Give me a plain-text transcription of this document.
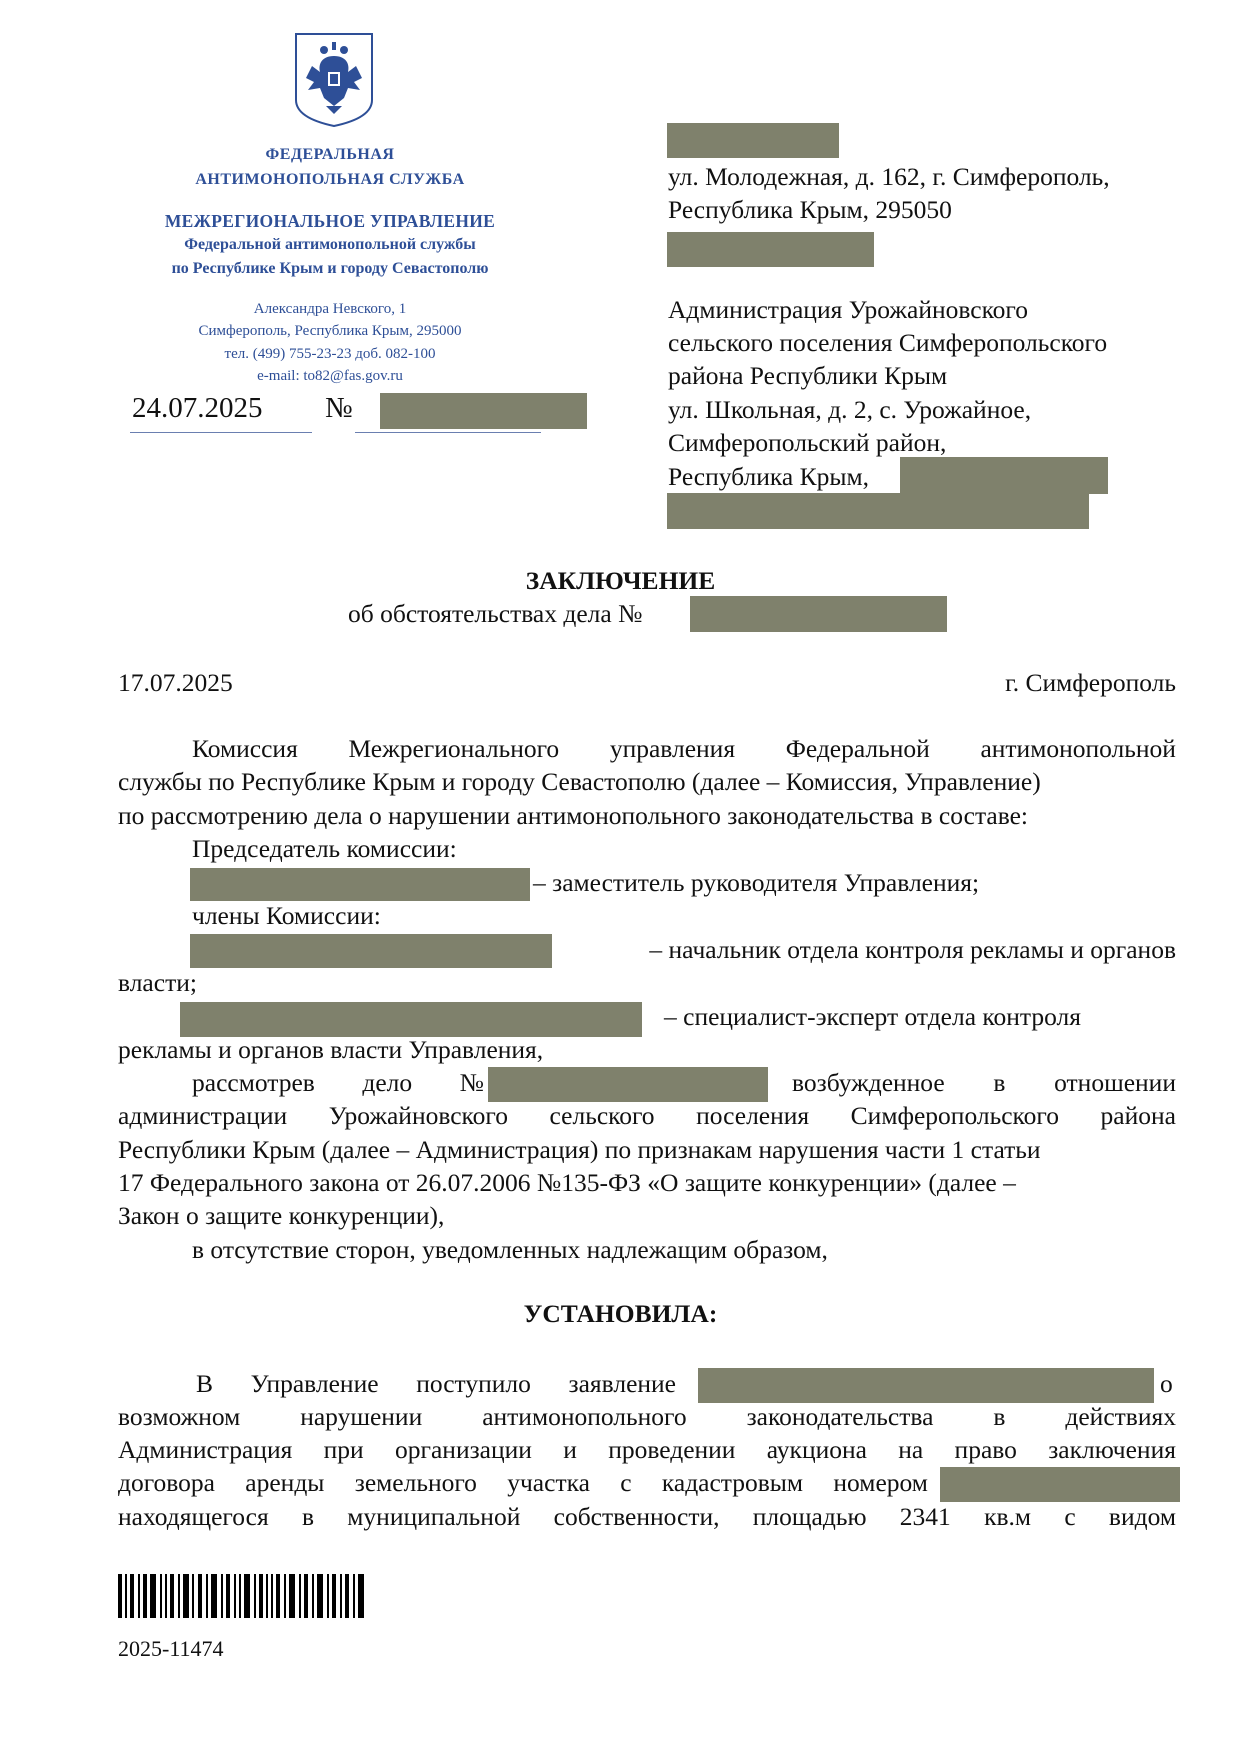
ФЕДЕРАЛЬНАЯ
АНТИМОНОПОЛЬНАЯ СЛУЖБА
МЕЖРЕГИОНАЛЬНОЕ УПРАВЛЕНИЕ
Федеральной антимонопольной службы
по Республике Крым и городу Севастополю
Александра Невского, 1
Симферополь, Республика Крым, 295000
тел. (499) 755-23-23 доб. 082-100
e-mail: to82@fas.gov.ru
24.07.2025 №
ул. Молодежная, д. 162, г. Симферополь,
Республика Крым, 295050
Администрация Урожайновского
сельского поселения Симферопольского
района Республики Крым
ул. Школьная, д. 2, с. Урожайное,
Симферопольский район,
Республика Крым,
ЗАКЛЮЧЕНИЕ
об обстоятельствах дела №
17.07.2025	г. Симферополь
Комиссия Межрегионального управления Федеральной антимонопольной
службы по Республике Крым и городу Севастополю (далее – Комиссия, Управление)
по рассмотрению дела о нарушении антимонопольного законодательства в составе:
Председатель комиссии:
– заместитель руководителя Управления;
члены Комиссии:
– начальник отдела контроля рекламы и органов
власти;
– специалист-эксперт отдела контроля
рекламы и органов власти Управления,
рассмотрев дело №	возбужденное в отношении
администрации Урожайновского сельского поселения Симферопольского района
Республики Крым (далее – Администрация) по признакам нарушения части 1 статьи
17 Федерального закона от 26.07.2006 №135-ФЗ «О защите конкуренции» (далее –
Закон о защите конкуренции),
в отсутствие сторон, уведомленных надлежащим образом,
УСТАНОВИЛА:
В Управление поступило заявление	о
возможном нарушении антимонопольного законодательства в действиях
Администрация при организации и проведении аукциона на право заключения
договора аренды земельного участка с кадастровым номером
находящегося в муниципальной собственности, площадью 2341 кв.м с видом
2025-11474
